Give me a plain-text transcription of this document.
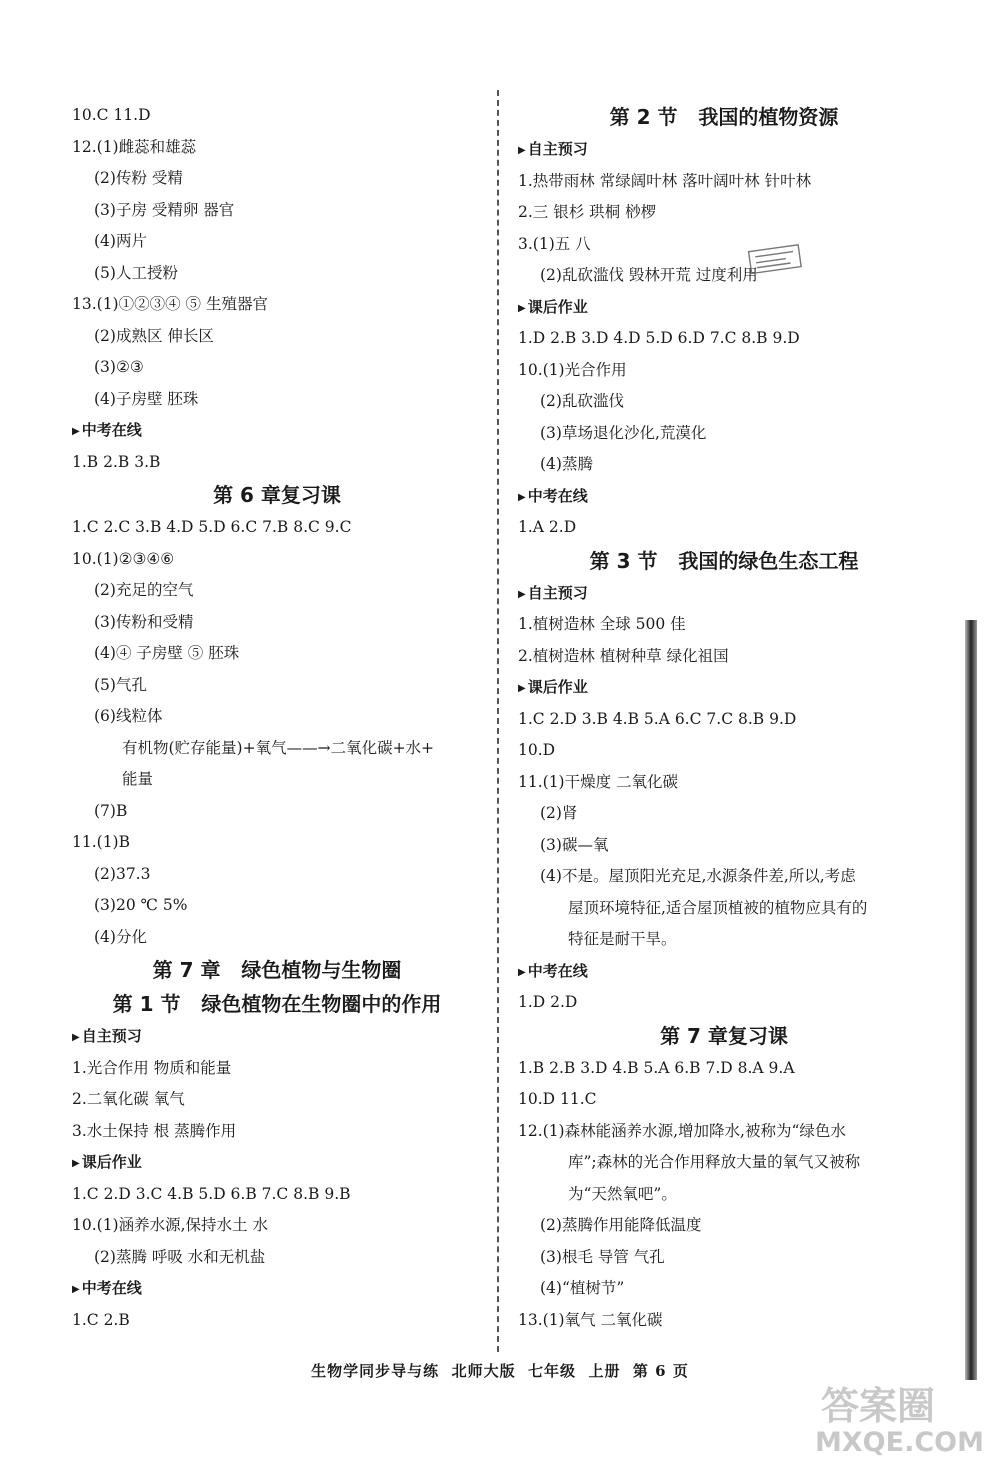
10.C 11.D
12.(1)雌蕊和雄蕊
(2)传粉 受精
(3)子房 受精卵 器官
(4)两片
(5)人工授粉
13.(1)①②③④ ⑤ 生殖器官
(2)成熟区 伸长区
(3)②③
(4)子房壁 胚珠
▶ 中考在线
1.B 2.B 3.B
第 6 章复习课
1.C 2.C 3.B 4.D 5.D 6.C 7.B 8.C 9.C
10.(1)②③④⑥
(2)充足的空气
(3)传粉和受精
(4)④ 子房壁 ⑤ 胚珠
(5)气孔
(6)线粒体
有机物(贮存能量)+氧气——→二氧化碳+水+
能量
(7)B
11.(1)B
(2)37.3
(3)20 ℃ 5%
(4)分化
第 7 章   绿色植物与生物圈
第 1 节   绿色植物在生物圈中的作用
▶ 自主预习
1.光合作用 物质和能量
2.二氧化碳 氧气
3.水土保持 根 蒸腾作用
▶ 课后作业
1.C 2.D 3.C 4.B 5.D 6.B 7.C 8.B 9.B
10.(1)涵养水源,保持水土 水
(2)蒸腾 呼吸 水和无机盐
▶ 中考在线
1.C 2.B
第 2 节   我国的植物资源
▶ 自主预习
1.热带雨林 常绿阔叶林 落叶阔叶林 针叶林
2.三 银杉 珙桐 桫椤
3.(1)五 八
(2)乱砍滥伐 毁林开荒 过度利用
▶ 课后作业
1.D 2.B 3.D 4.D 5.D 6.D 7.C 8.B 9.D
10.(1)光合作用
(2)乱砍滥伐
(3)草场退化沙化,荒漠化
(4)蒸腾
▶ 中考在线
1.A 2.D
第 3 节   我国的绿色生态工程
▶ 自主预习
1.植树造林 全球 500 佳
2.植树造林 植树种草 绿化祖国
▶ 课后作业
1.C 2.D 3.B 4.B 5.A 6.C 7.C 8.B 9.D
10.D
11.(1)干燥度 二氧化碳
(2)肾
(3)碳—氧
(4)不是。屋顶阳光充足,水源条件差,所以,考虑
屋顶环境特征,适合屋顶植被的植物应具有的
特征是耐干旱。
▶ 中考在线
1.D 2.D
第 7 章复习课
1.B 2.B 3.D 4.B 5.A 6.B 7.D 8.A 9.A
10.D 11.C
12.(1)森林能涵养水源,增加降水,被称为“绿色水
库”;森林的光合作用释放大量的氧气又被称
为“天然氧吧”。
(2)蒸腾作用能降低温度
(3)根毛 导管 气孔
(4)“植树节”
13.(1)氧气 二氧化碳
生物学同步导与练  北师大版  七年级  上册  第 6 页
答案圈
MXQE.COM
